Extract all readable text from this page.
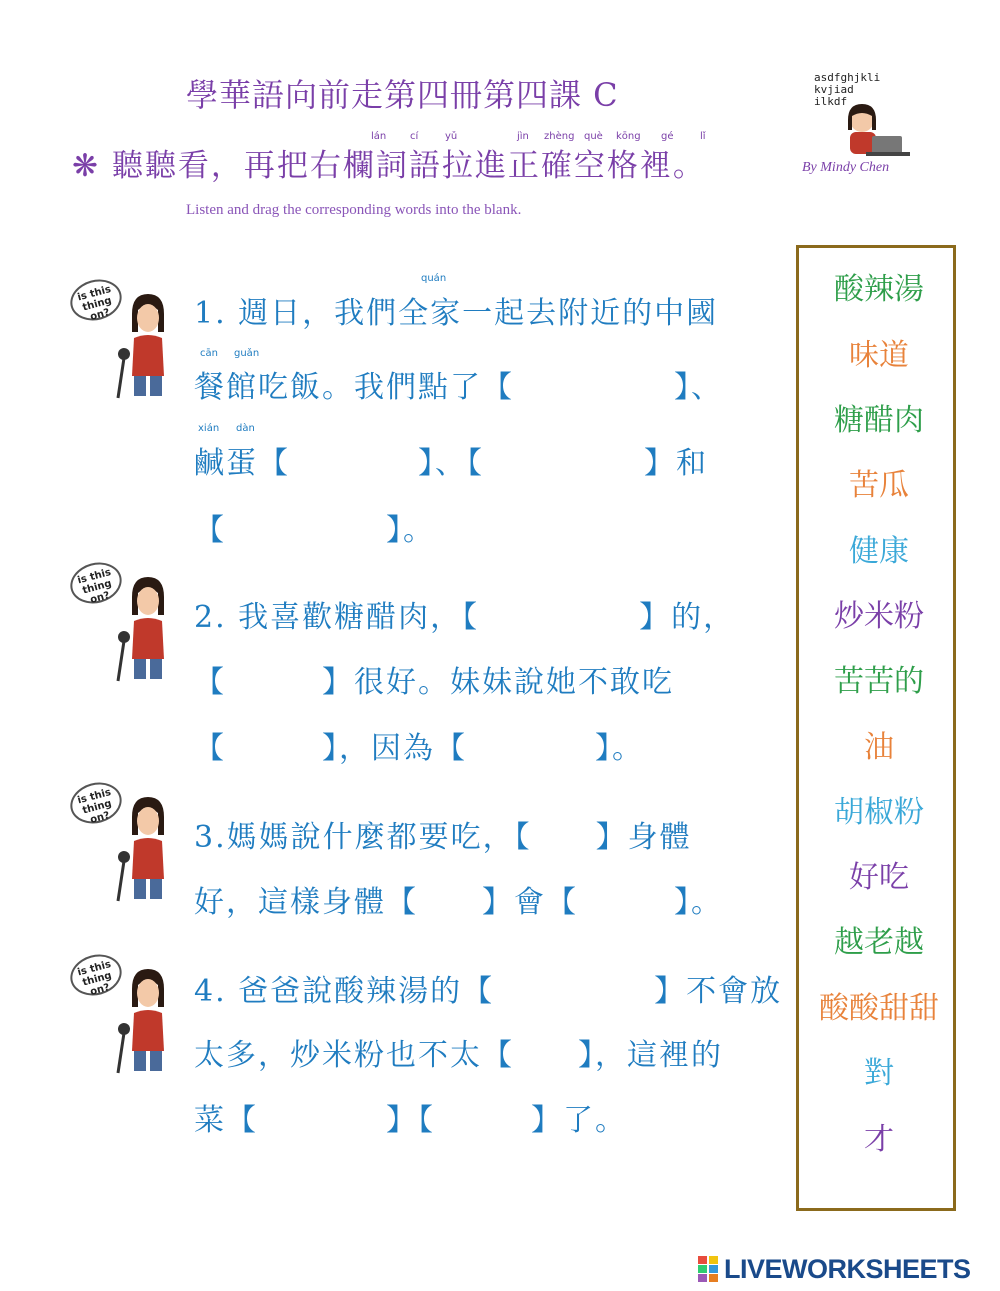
學華語向前走第四冊第四課 C
lán cí	yǔ	jìn zhèng què kōng gé	lǐ
❋ 聽聽看，再把右欄詞語拉進正確空格裡。
Listen and drag the corresponding words into the blank.
asdfghjkli
kvjiad
ilkdf
By Mindy Chen
is this thing on?
is this thing on?
is this thing on?
is this thing on?
quán
1. 週日，我們全家一起去附近的中國
cān guǎn
餐館吃飯。我們點了【　　　　　】、
xián dàn
鹹蛋【　　　　】、【　　　　　】和
【　　　　　】。
2. 我喜歡糖醋肉，【　　　　　】的，
【　　　】很好。妹妹說她不敢吃
【　　　】，因為【　　　　】。
3.媽媽說什麼都要吃，【　　】身體
好，這樣身體【　　】會【　　　】。
4. 爸爸說酸辣湯的【　　　　　】不會放
太多，炒米粉也不太【　　】，這裡的
菜【　　　　】【　　　】了。
酸辣湯
味道
糖醋肉
苦瓜
健康
炒米粉
苦苦的
油
胡椒粉
好吃
越老越
酸酸甜甜
對
才
LIVEWORKSHEETS
